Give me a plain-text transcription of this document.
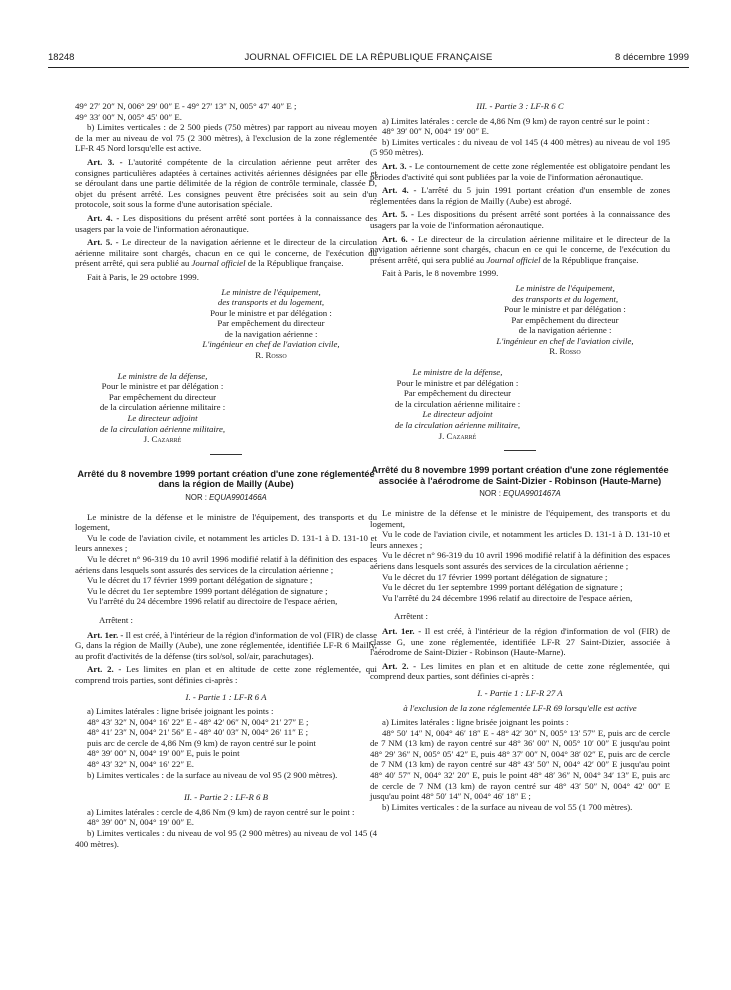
18248	JOURNAL OFFICIEL DE LA RÉPUBLIQUE FRANÇAISE	8 décembre 1999

49° 27′ 20″ N, 006° 29′ 00″ E - 49° 27′ 13″ N, 005° 47′ 40″ E ;

49° 33′ 00″ N, 005° 45′ 00″ E.

b) Limites verticales : de 2 500 pieds (750 mètres) par rapport au niveau moyen de la mer au niveau de vol 75 (2 300 mètres), à l'exclusion de la zone réglementée LF-R 45 Nord lorsqu'elle est active.

Art. 3. - L'autorité compétente de la circulation aérienne peut arrêter des consignes particulières adaptées à certaines activités aériennes désignées par elle et se déroulant dans une partie délimitée de la région de contrôle terminale, classée D, objet du présent arrêté. Les consignes peuvent être précisées soit au sein d'un protocole, soit sous la forme d'une autorisation spéciale.

Art. 4. - Les dispositions du présent arrêté sont portées à la connaissance des usagers par la voie de l'information aéronautique.

Art. 5. - Le directeur de la navigation aérienne et le directeur de la circulation aérienne militaire sont chargés, chacun en ce qui le concerne, de l'exécution du présent arrêté, qui sera publié au Journal officiel de la République française.

Fait à Paris, le 29 octobre 1999.

Le ministre de l'équipement,
des transports et du logement,
Pour le ministre et par délégation :
Par empêchement du directeur
de la navigation aérienne :
L'ingénieur en chef de l'aviation civile,
R. Rosso
Le ministre de la défense,
Pour le ministre et par délégation :
Par empêchement du directeur
de la circulation aérienne militaire :
Le directeur adjoint
de la circulation aérienne militaire,
J. Cazarré
Arrêté du 8 novembre 1999 portant création d'une zone réglementée dans la région de Mailly (Aube)
NOR : EQUA9901466A

Le ministre de la défense et le ministre de l'équipement, des transports et du logement,

Vu le code de l'aviation civile, et notamment les articles D. 131-1 à D. 131-10 et leurs annexes ;

Vu le décret n° 96-319 du 10 avril 1996 modifié relatif à la définition des espaces aériens dans lesquels sont assurés des services de la circulation aérienne ;

Vu le décret du 17 février 1999 portant délégation de signature ;

Vu le décret du 1er septembre 1999 portant délégation de signature ;

Vu l'arrêté du 24 décembre 1996 relatif au directoire de l'espace aérien,

Arrêtent :

Art. 1er. - Il est créé, à l'intérieur de la région d'information de vol (FIR) de classe G, dans la région de Mailly (Aube), une zone réglementée, identifiée LF-R 6 Mailly, au profit d'activités de la défense (tirs sol/sol, sol/air, parachutages).

Art. 2. - Les limites en plan et en altitude de cette zone réglementée, qui comprend trois parties, sont définies ci-après :

I. - Partie 1 : LF-R 6 A

a) Limites latérales : ligne brisée joignant les points :

48° 43′ 32″ N, 004° 16′ 22″ E - 48° 42′ 06″ N, 004° 21′ 27″ E ;

48° 41′ 23″ N, 004° 21′ 56″ E - 48° 40′ 03″ N, 004° 26′ 11″ E ;

puis arc de cercle de 4,86 Nm (9 km) de rayon centré sur le point

48° 39′ 00″ N, 004° 19′ 00″ E, puis le point

48° 43′ 32″ N, 004° 16′ 22″ E.

b) Limites verticales : de la surface au niveau de vol 95 (2 900 mètres).

II. - Partie 2 : LF-R 6 B

a) Limites latérales : cercle de 4,86 Nm (9 km) de rayon centré sur le point :

48° 39′ 00″ N, 004° 19′ 00″ E.

b) Limites verticales : du niveau de vol 95 (2 900 mètres) au niveau de vol 145 (4 400 mètres).

III. - Partie 3 : LF-R 6 C

a) Limites latérales : cercle de 4,86 Nm (9 km) de rayon centré sur le point :

48° 39′ 00″ N, 004° 19′ 00″ E.

b) Limites verticales : du niveau de vol 145 (4 400 mètres) au niveau de vol 195 (5 950 mètres).

Art. 3. - Le contournement de cette zone réglementée est obligatoire pendant les périodes d'activité qui sont publiées par la voie de l'information aéronautique.

Art. 4. - L'arrêté du 5 juin 1991 portant création d'un ensemble de zones réglementées dans la région de Mailly (Aube) est abrogé.

Art. 5. - Les dispositions du présent arrêté sont portées à la connaissance des usagers par la voie de l'information aéronautique.

Art. 6. - Le directeur de la circulation aérienne militaire et le directeur de la navigation aérienne sont chargés, chacun en ce qui le concerne, de l'exécution du présent arrêté, qui sera publié au Journal officiel de la République française.

Fait à Paris, le 8 novembre 1999.

Le ministre de l'équipement,
des transports et du logement,
Pour le ministre et par délégation :
Par empêchement du directeur
de la navigation aérienne :
L'ingénieur en chef de l'aviation civile,
R. Rosso
Le ministre de la défense,
Pour le ministre et par délégation :
Par empêchement du directeur
de la circulation aérienne militaire :
Le directeur adjoint
de la circulation aérienne militaire,
J. Cazarré
Arrêté du 8 novembre 1999 portant création d'une zone réglementée associée à l'aérodrome de Saint-Dizier - Robinson (Haute-Marne)
NOR : EQUA9901467A

Le ministre de la défense et le ministre de l'équipement, des transports et du logement,

Vu le code de l'aviation civile, et notamment les articles D. 131-1 à D. 131-10 et leurs annexes ;

Vu le décret n° 96-319 du 10 avril 1996 modifié relatif à la définition des espaces aériens dans lesquels sont assurés des services de la circulation aérienne ;

Vu le décret du 17 février 1999 portant délégation de signature ;

Vu le décret du 1er septembre 1999 portant délégation de signature ;

Vu l'arrêté du 24 décembre 1996 relatif au directoire de l'espace aérien,

Arrêtent :

Art. 1er. - Il est créé, à l'intérieur de la région d'information de vol (FIR) de classe G, une zone réglementée, identifiée LF-R 27 Saint-Dizier, associée à l'aérodrome de Saint-Dizier - Robinson (Haute-Marne).

Art. 2. - Les limites en plan et en altitude de cette zone réglementée, qui comprend deux parties, sont définies ci-après :

I. - Partie 1 : LF-R 27 A
à l'exclusion de la zone réglementée LF-R 69 lorsqu'elle est active

a) Limites latérales : ligne brisée joignant les points :

48° 50′ 14″ N, 004° 46′ 18″ E - 48° 42′ 30″ N, 005° 13′ 57″ E, puis arc de cercle de 7 NM (13 km) de rayon centré sur 48° 36′ 00″ N, 005° 10′ 00″ E jusqu'au point 48° 29′ 36″ N, 005° 05′ 42″ E, puis 48° 37′ 00″ N, 004° 38′ 02″ E, puis arc de cercle de 7 NM (13 km) de rayon centré sur 48° 43′ 50″ N, 004° 42′ 00″ E jusqu'au point 48° 40′ 57″ N, 004° 32′ 20″ E, puis le point 48° 48′ 36″ N, 004° 34′ 13″ E, puis arc de cercle de 7 NM (13 km) de rayon centré sur 48° 43′ 50″ N, 004° 42′ 00″ E jusqu'au point 48° 50′ 14″ N, 004° 46′ 18″ E ;

b) Limites verticales : de la surface au niveau de vol 55 (1 700 mètres).
